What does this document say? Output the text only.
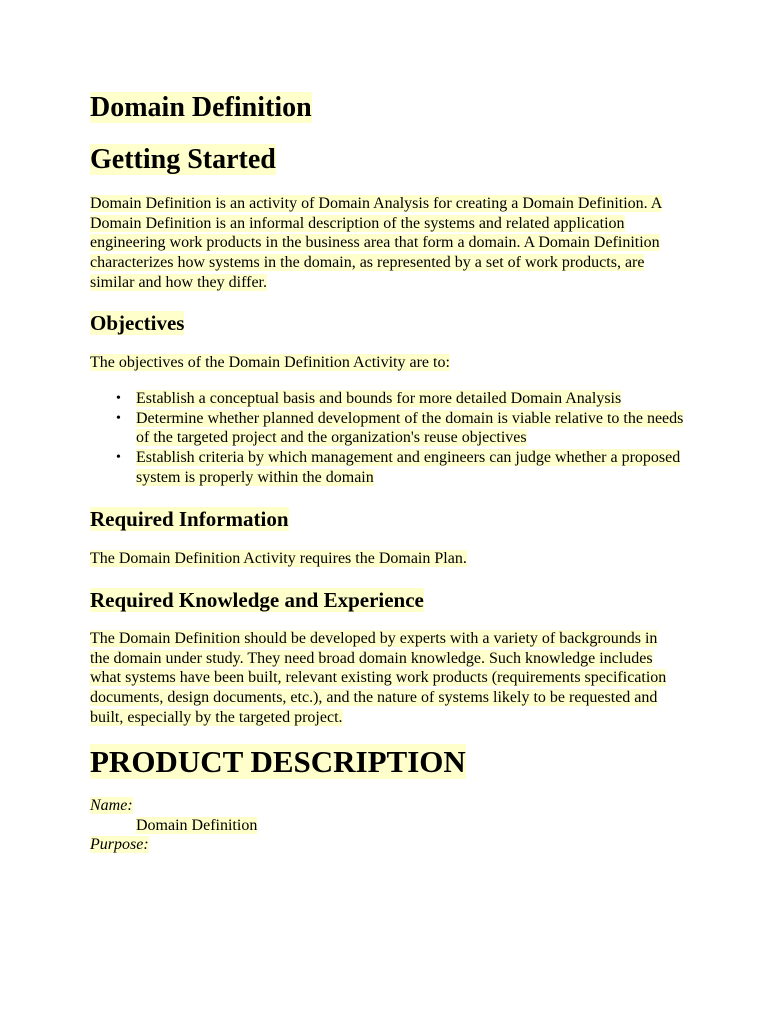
Domain Definition
Getting Started

Domain Definition is an activity of Domain Analysis for creating a Domain Definition. A Domain Definition is an informal description of the systems and related application engineering work products in the business area that form a domain. A Domain Definition characterizes how systems in the domain, as represented by a set of work products, are similar and how they differ.

Objectives

The objectives of the Domain Definition Activity are to:

• Establish a conceptual basis and bounds for more detailed Domain Analysis
• Determine whether planned development of the domain is viable relative to the needs of the targeted project and the organization's reuse objectives
• Establish criteria by which management and engineers can judge whether a proposed system is properly within the domain
Required Information

The Domain Definition Activity requires the Domain Plan.

Required Knowledge and Experience

The Domain Definition should be developed by experts with a variety of backgrounds in the domain under study. They need broad domain knowledge. Such knowledge includes what systems have been built, relevant existing work products (requirements specification documents, design documents, etc.), and the nature of systems likely to be requested and built, especially by the targeted project.

PRODUCT DESCRIPTION
Name:
Domain Definition
Purpose:
